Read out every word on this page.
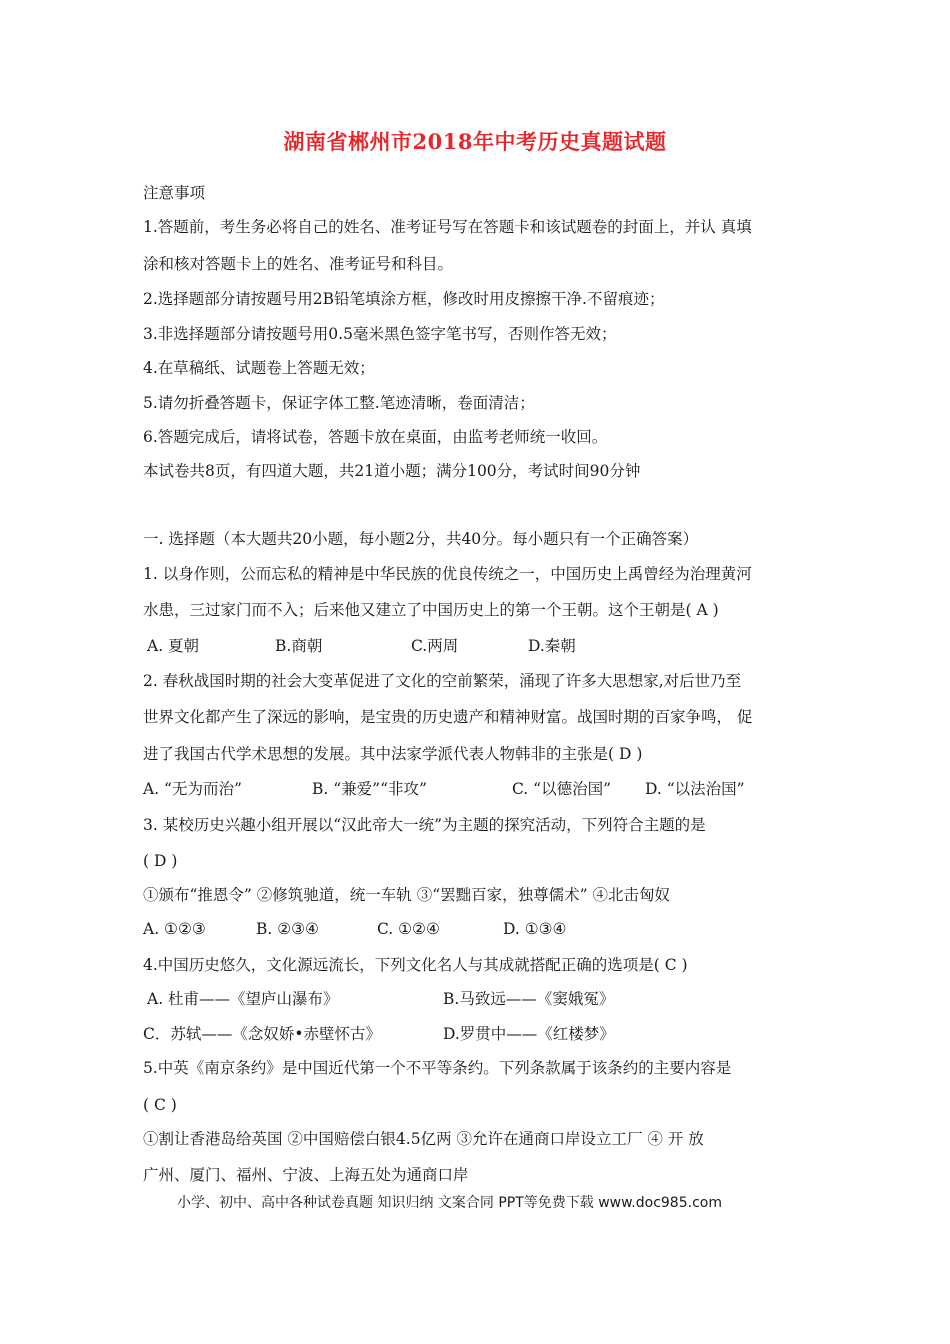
湖南省郴州市2018年中考历史真题试题
注意事项
1.答题前，考生务必将自己的姓名、准考证号写在答题卡和该试题卷的封面上，并认 真填
涂和核对答题卡上的姓名、准考证号和科目。
2.选择题部分请按题号用2B铅笔填涂方框，修改时用皮擦擦干净.不留痕迹；
3.非选择题部分请按题号用0.5毫米黑色签字笔书写，否则作答无效；
4.在草稿纸、试题卷上答题无效；
5.请勿折叠答题卡，保证字体工整.笔迹清晰，卷面清洁；
6.答题完成后，请将试卷，答题卡放在桌面，由监考老师统一收回。
本试卷共8页，有四道大题，共21道小题；满分100分，考试时间90分钟
一. 选择题（本大题共20小题，每小题2分，共40分。每小题只有一个正确答案）
1. 以身作则，公而忘私的精神是中华民族的优良传统之一，中国历史上禹曾经为治理黄河
水患，三过家门而不入；后来他又建立了中国历史上的第一个王朝。这个王朝是( A )
A. 夏朝	B.商朝	C.两周	D.秦朝
2. 春秋战国时期的社会大变革促进了文化的空前繁荣，涌现了许多大思想家,对后世乃至
世界文化都产生了深远的影响，是宝贵的历史遗产和精神财富。战国时期的百家争鸣， 促
进了我国古代学术思想的发展。其中法家学派代表人物韩非的主张是( D )
A. “无为而治”	B. “兼爱”“非攻”	C. “以德治国” D. “以法治国”
3. 某校历史兴趣小组开展以“汉此帝大一统”为主题的探究活动，下列符合主题的是
( D )
①颁布“推恩令” ②修筑驰道，统一车轨 ③“罢黜百家，独尊儒术” ④北击匈奴
A. ①②③	B. ②③④	C. ①②④	D. ①③④
4.中国历史悠久，文化源远流长，下列文化名人与其成就搭配正确的选项是( C )
A. 杜甫——《望庐山瀑布》	B.马致远——《窦娥冤》
C．苏轼——《念奴娇•赤壁怀古》	D.罗贯中——《红楼梦》
5.中英《南京条约》是中国近代第一个不平等条约。下列条款属于该条约的主要内容是
( C )
①割让香港岛给英国 ②中国赔偿白银4.5亿两 ③允许在通商口岸设立工厂 ④ 开 放
广州、厦门、福州、宁波、上海五处为通商口岸
小学、初中、高中各种试卷真题 知识归纳 文案合同 PPT等免费下载 www.doc985.com
